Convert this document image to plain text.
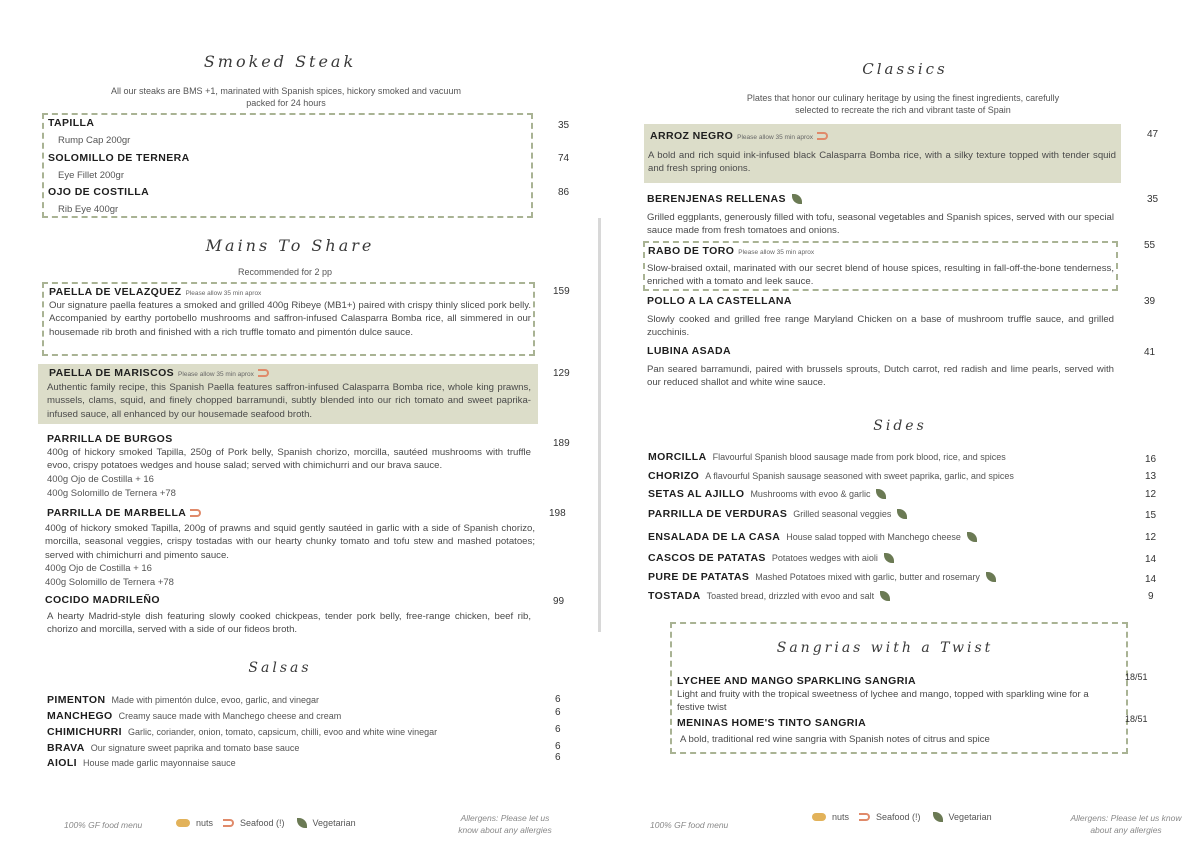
Smoked Steak
All our steaks are BMS +1, marinated with Spanish spices, hickory smoked and vacuum packed for 24 hours
TAPILLA
Rump Cap 200gr
35
SOLOMILLO DE TERNERA
Eye Fillet 200gr
74
OJO DE COSTILLA
Rib Eye 400gr
86
Mains To Share
Recommended for 2 pp
PAELLA DE VELAZQUEZ Please allow 35 min aprox
Our signature paella features a smoked and grilled 400g Ribeye (MB1+) paired with crispy thinly sliced pork belly. Accompanied by earthy portobello mushrooms and saffron-infused Calasparra Bomba rice, all simmered in our housemade rib broth and finished with a rich truffle tomato and pimentón dulce sauce.
159
PAELLA DE MARISCOS Please allow 35 min aprox
Authentic family recipe, this Spanish Paella features saffron-infused Calasparra Bomba rice, whole king prawns, mussels, clams, squid, and finely chopped barramundi, subtly blended into our rich tomato and sweet paprika-infused sauce, all enhanced by our housemade seafood broth.
129
PARRILLA DE BURGOS
400g of hickory smoked Tapilla, 250g of Pork belly, Spanish chorizo, morcilla, sautéed mushrooms with truffle evoo, crispy potatoes wedges and house salad; served with chimichurri and our brava sauce.
400g Ojo de Costilla + 16
400g Solomillo de Ternera +78
189
PARRILLA DE MARBELLA
400g of hickory smoked Tapilla, 200g of prawns and squid gently sautéed in garlic with a side of Spanish chorizo, morcilla, seasonal veggies, crispy tostadas with our hearty chunky tomato and tofu stew and mashed potatoes; served with chimichurri and pimento sauce.
400g Ojo de Costilla + 16
400g Solomillo de Ternera +78
198
COCIDO MADRILEÑO
A hearty Madrid-style dish featuring slowly cooked chickpeas, tender pork belly, free-range chicken, beef rib, chorizo and morcilla, served with a side of our fideos broth.
99
Salsas
PIMENTON Made with pimentón dulce, evoo, garlic, and vinegar	6
MANCHEGO Creamy sauce made with Manchego cheese and cream	6
CHIMICHURRI Garlic, coriander, onion, tomato, capsicum, chilli, evoo and white wine vinegar	6
BRAVA Our signature sweet paprika and tomato base sauce	6
AIOLI House made garlic mayonnaise sauce	6
100% GF food menu	nuts	Seafood (!)	Vegetarian	Allergens: Please let us know about any allergies
Classics
Plates that honor our culinary heritage by using the finest ingredients, carefully selected to recreate the rich and vibrant taste of Spain
ARROZ NEGRO Please allow 35 min aprox
A bold and rich squid ink-infused black Calasparra Bomba rice, with a silky texture topped with tender squid and fresh spring onions.
47
BERENJENAS RELLENAS
Grilled eggplants, generously filled with tofu, seasonal vegetables and Spanish spices, served with our special sauce made from fresh tomatoes and onions.
35
RABO DE TORO Please allow 35 min aprox
Slow-braised oxtail, marinated with our secret blend of house spices, resulting in fall-off-the-bone tenderness, enriched with a tomato and leek sauce.
55
POLLO A LA CASTELLANA
Slowly cooked and grilled free range Maryland Chicken on a base of mushroom truffle sauce, and grilled zucchinis.
39
LUBINA ASADA
Pan seared barramundi, paired with brussels sprouts, Dutch carrot, red radish and lime pearls, served with our reduced shallot and white wine sauce.
41
Sides
MORCILLA Flavourful Spanish blood sausage made from pork blood, rice, and spices	16
CHORIZO A flavourful Spanish sausage seasoned with sweet paprika, garlic, and spices	13
SETAS AL AJILLO Mushrooms with evoo & garlic	12
PARRILLA DE VERDURAS Grilled seasonal veggies	15
ENSALADA DE LA CASA House salad topped with Manchego cheese	12
CASCOS DE PATATAS Potatoes wedges with aioli	14
PURE DE PATATAS Mashed Potatoes mixed with garlic, butter and rosemary	14
TOSTADA Toasted bread, drizzled with evoo and salt	9
Sangrias with a Twist
LYCHEE AND MANGO SPARKLING SANGRIA
Light and fruity with the tropical sweetness of lychee and mango, topped with sparkling wine for a festive twist
18/51
MENINAS HOME'S TINTO SANGRIA
A bold, traditional red wine sangria with Spanish notes of citrus and spice
18/51
100% GF food menu
nuts	Seafood (!)	Vegetarian	Allergens: Please let us know about any allergies
